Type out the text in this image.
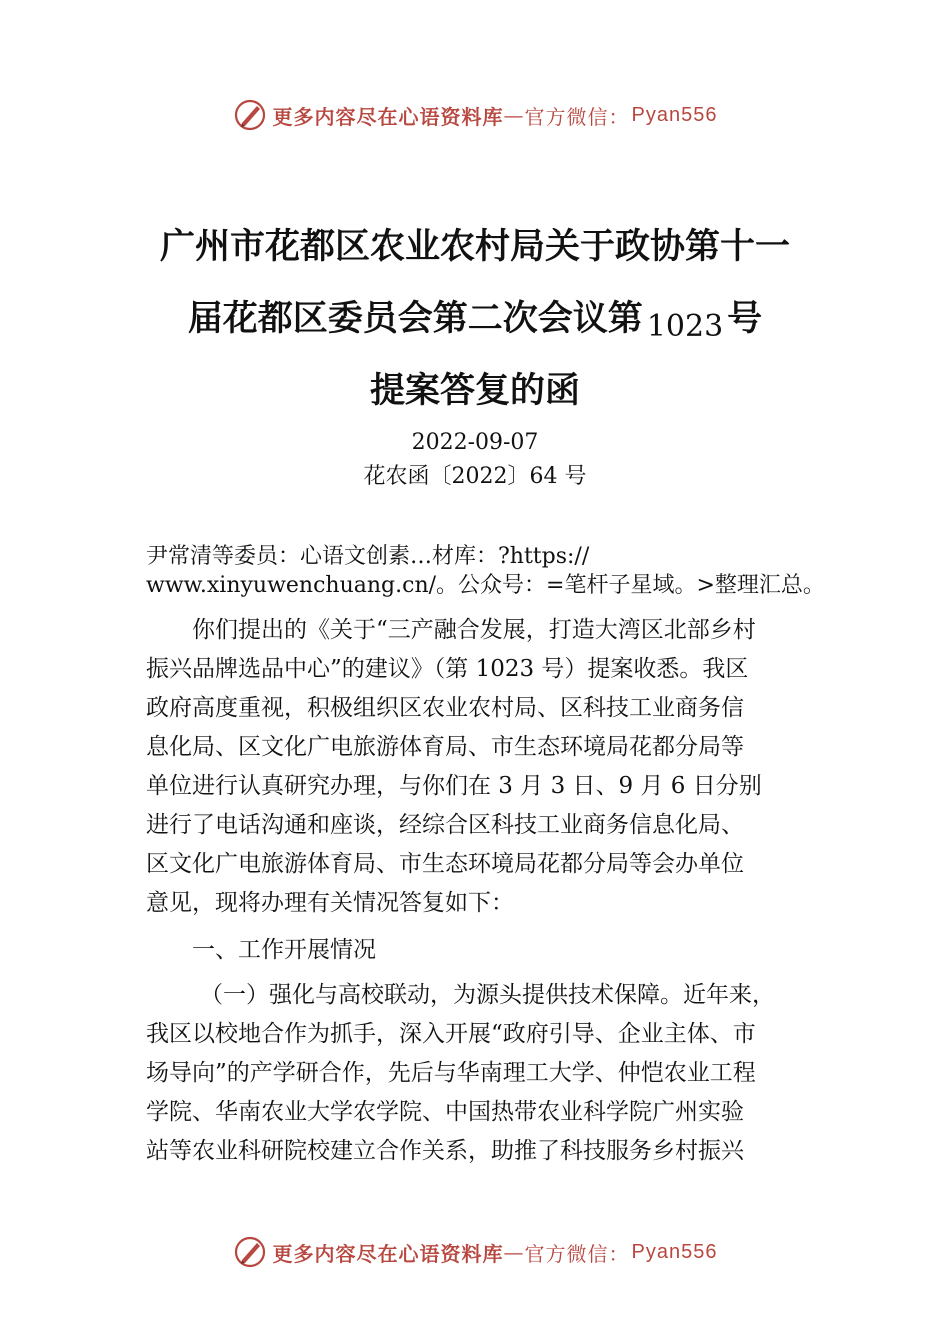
更多内容尽在心语资料库 — 官方微信： Pyan556
广州市花都区农业农村局关于政协第十一
届花都区委员会第二次会议第 1023 号
提案答复的函
2022-09-07
花农函〔2022〕64 号
尹常清等委员：心语文创素…材库：?https://
www.xinyuwenchuang.cn/。公众号：=笔杆子星域。>整理汇总。
你们提出的《关于“三产融合发展，打造大湾区北部乡村
振兴品牌选品中心”的建议》（第 1023 号）提案收悉。我区
政府高度重视，积极组织区农业农村局、区科技工业商务信
息化局、区文化广电旅游体育局、市生态环境局花都分局等
单位进行认真研究办理，与你们在 3 月 3 日、9 月 6 日分别
进行了电话沟通和座谈，经综合区科技工业商务信息化局、
区文化广电旅游体育局、市生态环境局花都分局等会办单位
意见，现将办理有关情况答复如下：
一、工作开展情况
（一）强化与高校联动，为源头提供技术保障。近年来，
我区以校地合作为抓手，深入开展“政府引导、企业主体、市
场导向”的产学研合作，先后与华南理工大学、仲恺农业工程
学院、华南农业大学农学院、中国热带农业科学院广州实验
站等农业科研院校建立合作关系，助推了科技服务乡村振兴
更多内容尽在心语资料库 — 官方微信： Pyan556
